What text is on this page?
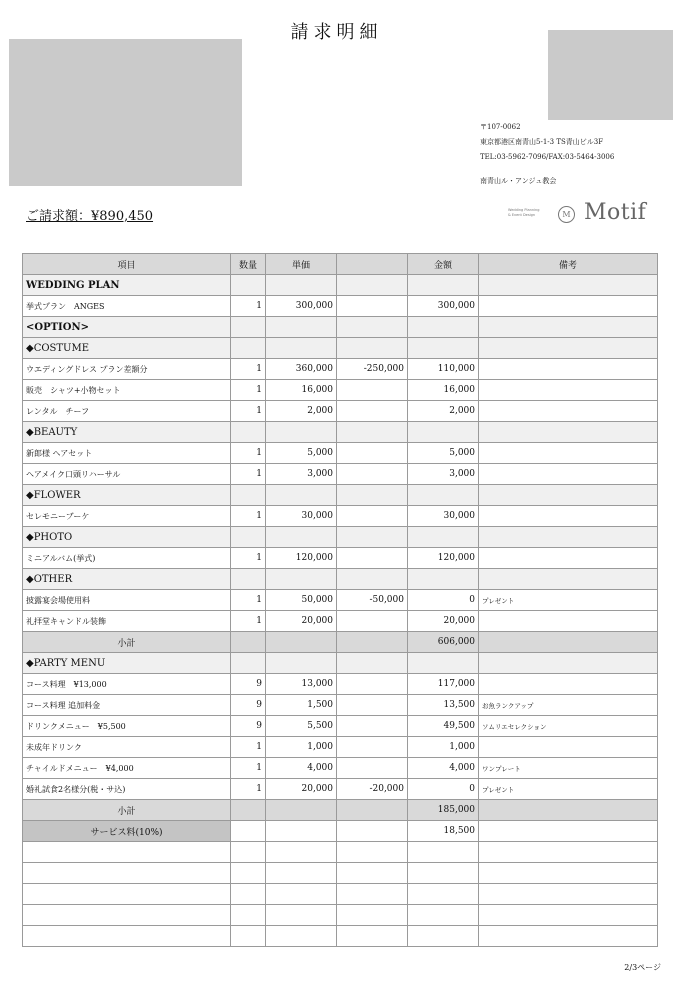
請求明細
〒107-0062
東京都港区南青山5-1-3 TS青山ビル3F
TEL:03-5962-7096/FAX:03-5464-3006
南青山ル・アンジュ教会
ご請求額：¥890,450	Wedding Planning
& Event Design	M Motif
項目	数量	単価		金額	備考
WEDDING PLAN					
挙式プラン　ANGES	1	300,000		300,000	
<OPTION>					
◆COSTUME					
ウエディングドレス プラン差額分	1	360,000	-250,000	110,000	
販売　シャツ+小物セット	1	16,000		16,000	
レンタル　チーフ	1	2,000		2,000	
◆BEAUTY					
新郎様 ヘアセット	1	5,000		5,000	
ヘアメイク口頭リハーサル	1	3,000		3,000	
◆FLOWER					
セレモニーブーケ	1	30,000		30,000	
◆PHOTO					
ミニアルバム(挙式)	1	120,000		120,000	
◆OTHER					
披露宴会場使用料	1	50,000	-50,000	0	プレゼント
礼拝堂キャンドル装飾	1	20,000		20,000	
小計				606,000	
◆PARTY MENU					
コース料理　¥13,000	9	13,000		117,000	
コース料理 追加料金	9	1,500		13,500	お魚ランクアップ
ドリンクメニュー　¥5,500	9	5,500		49,500	ソムリエセレクション
未成年ドリンク	1	1,000		1,000	
チャイルドメニュー　¥4,000	1	4,000		4,000	ワンプレート
婚礼試食2名様分(税・サ込)	1	20,000	-20,000	0	プレゼント
小計				185,000	
サービス料(10%)				18,500	

2/3ページ
